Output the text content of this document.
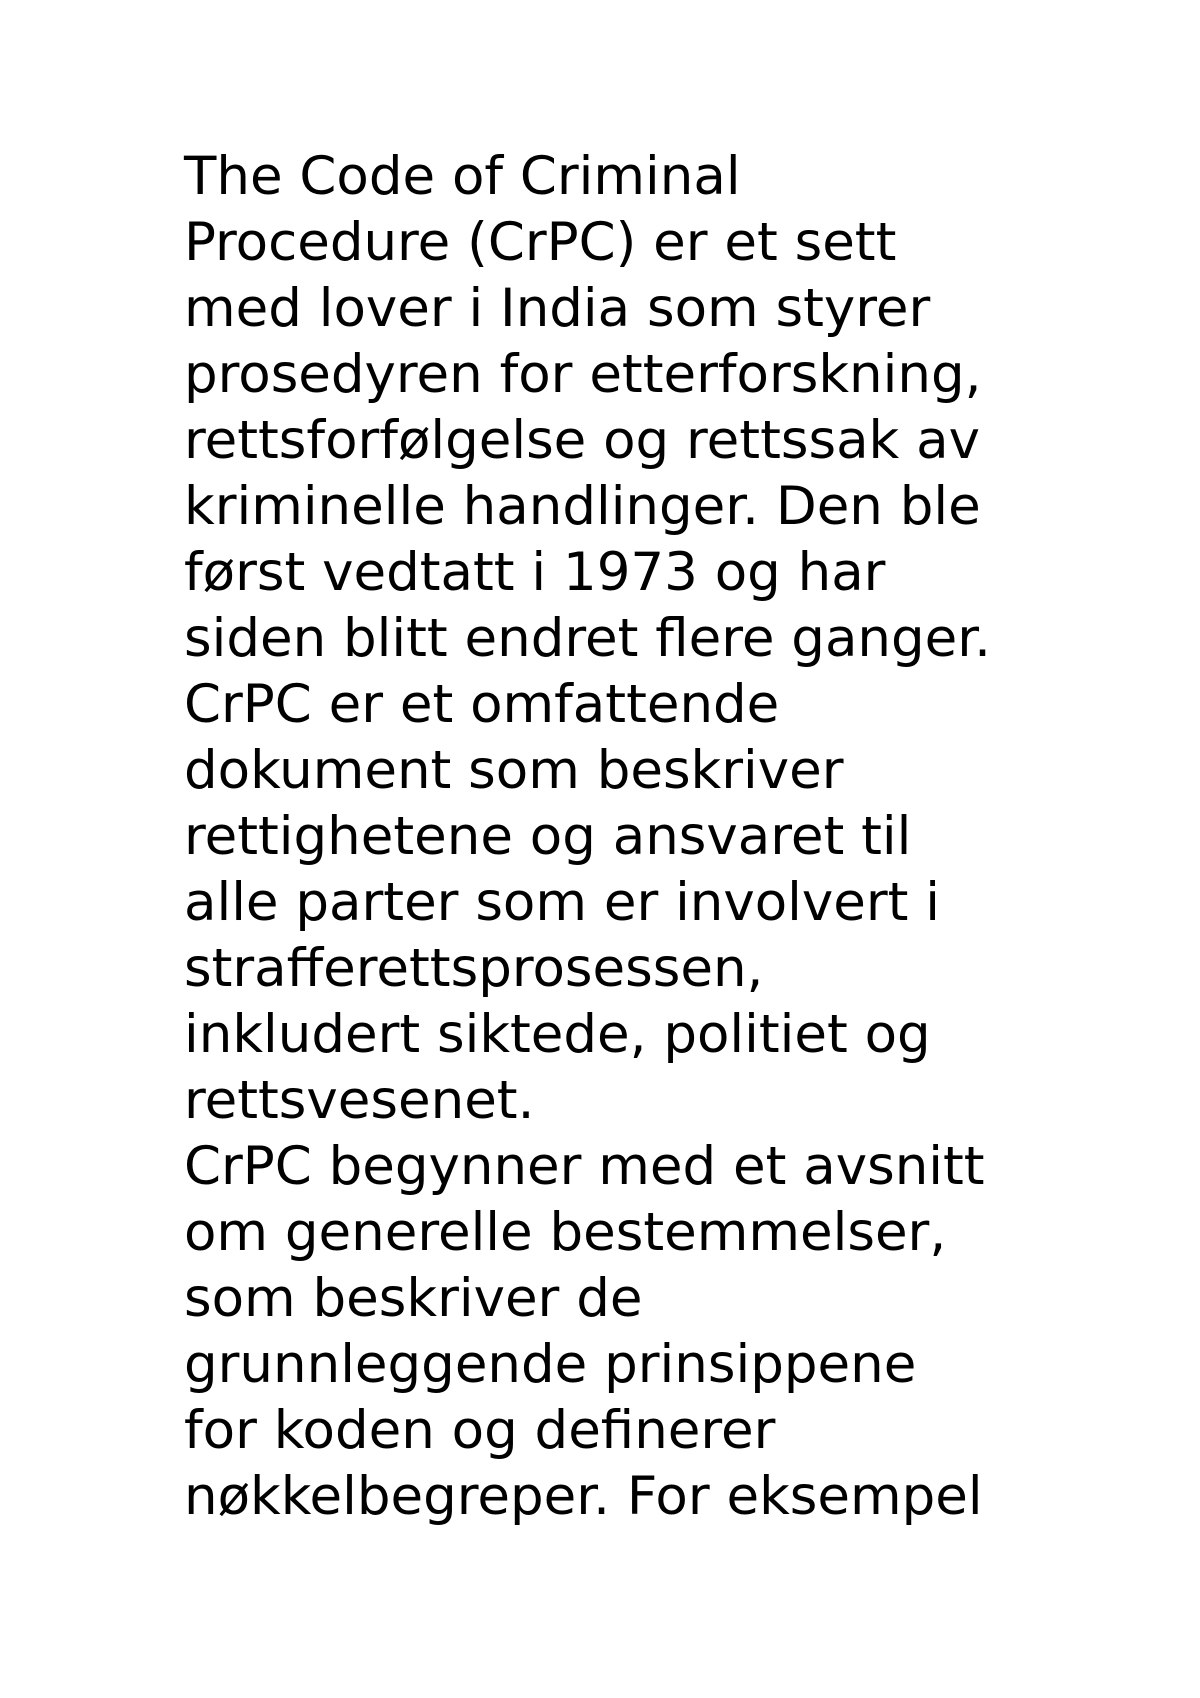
The Code of Criminal
Procedure (CrPC) er et sett
med lover i India som styrer
prosedyren for etterforskning,
rettsforfølgelse og rettssak av
kriminelle handlinger. Den ble
først vedtatt i 1973 og har
siden blitt endret flere ganger.
CrPC er et omfattende
dokument som beskriver
rettighetene og ansvaret til
alle parter som er involvert i
strafferettsprosessen,
inkludert siktede, politiet og
rettsvesenet.
CrPC begynner med et avsnitt
om generelle bestemmelser,
som beskriver de
grunnleggende prinsippene
for koden og definerer
nøkkelbegreper. For eksempel
